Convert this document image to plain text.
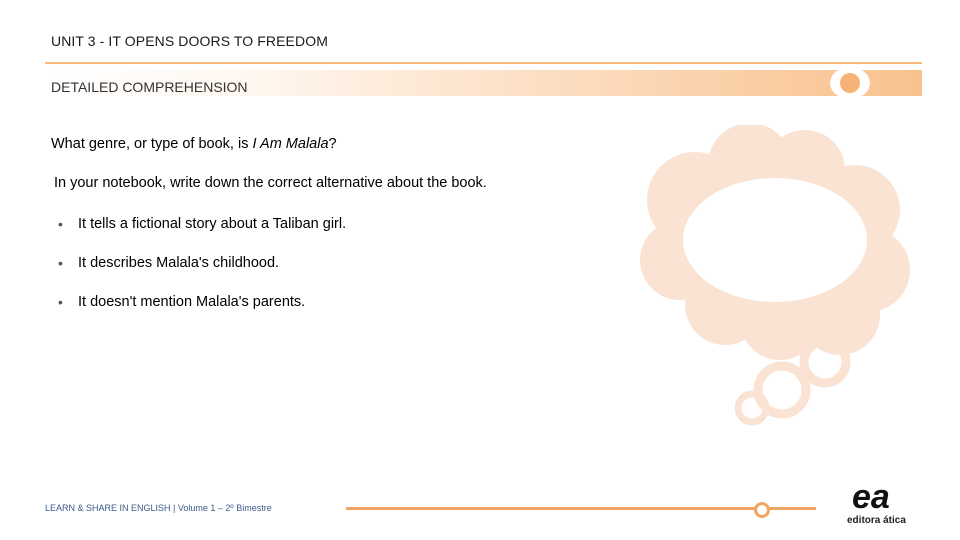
UNIT 3 - IT OPENS DOORS TO FREEDOM
DETAILED COMPREHENSION
What genre, or type of book, is I Am Malala?
In your notebook, write down the correct alternative about the book.
•	It tells a fictional story about a Taliban girl.
•	It describes Malala's childhood.
•	It doesn't mention Malala's parents.
LEARN & SHARE IN ENGLISH | Volume 1 – 2º Bimestre	ea
editora ática
